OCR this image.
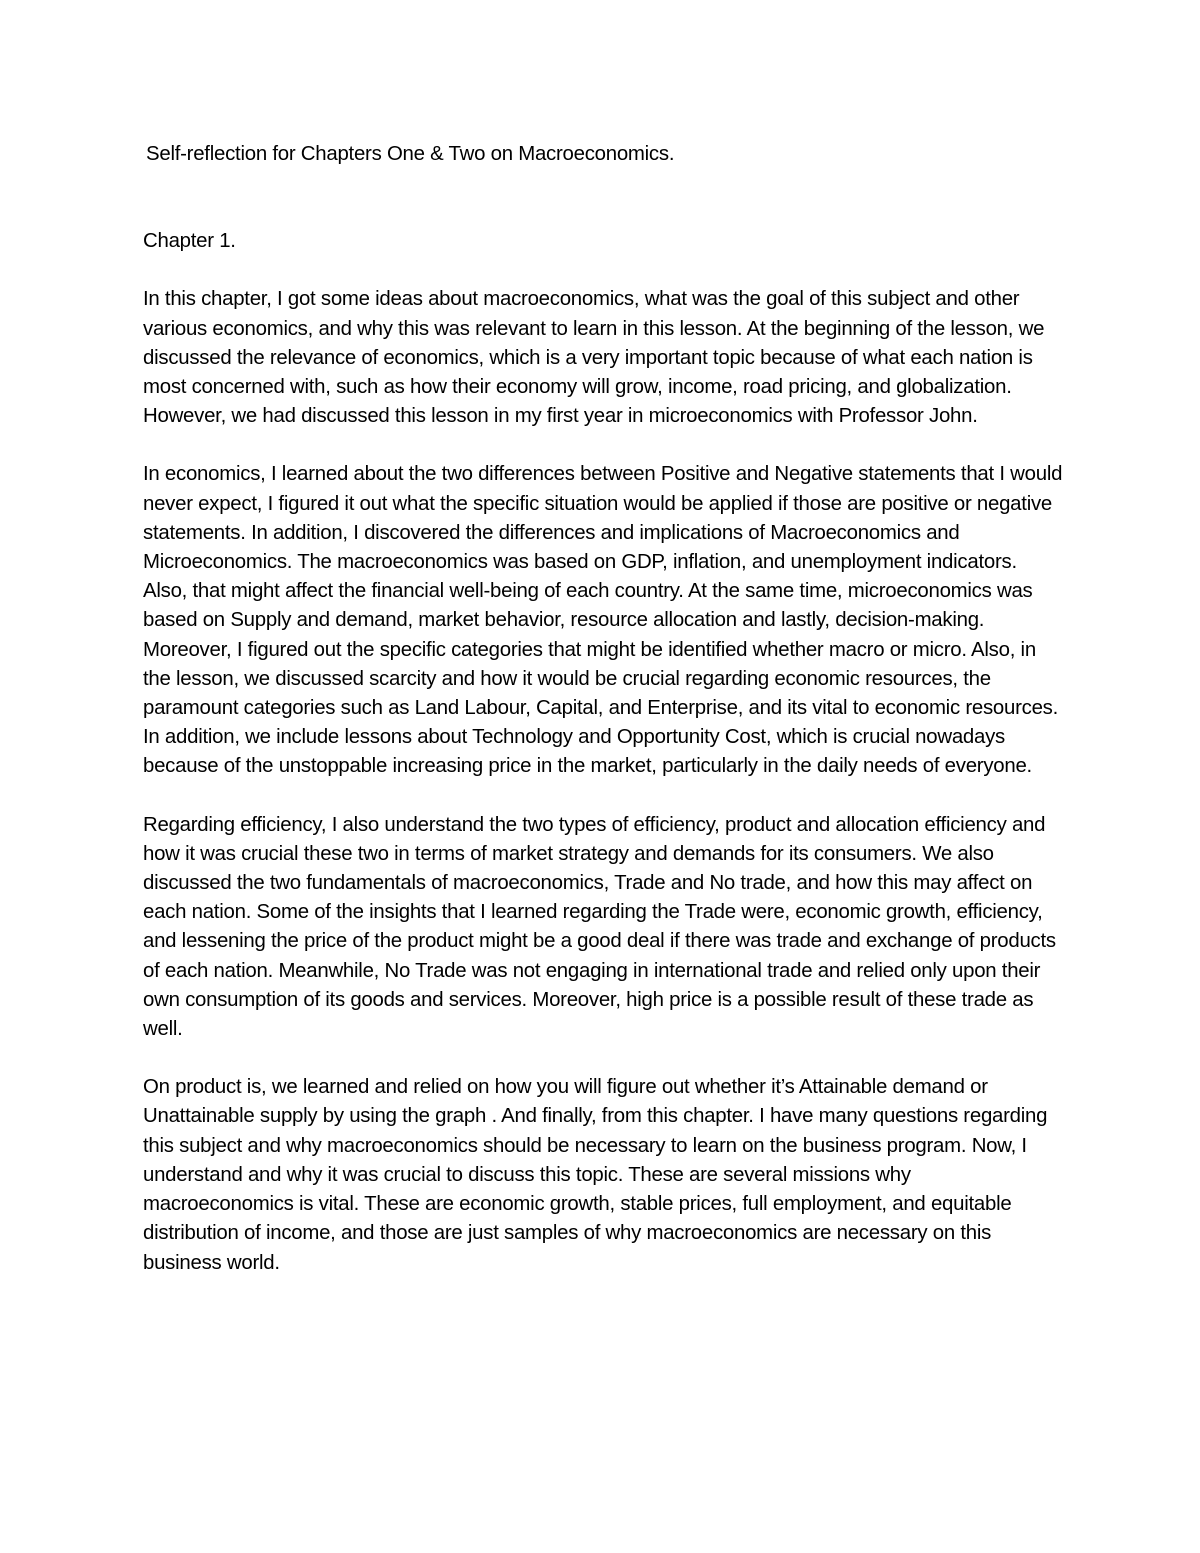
Self-reflection for Chapters One & Two on Macroeconomics.

Chapter 1.

In this chapter, I got some ideas about macroeconomics, what was the goal of this subject and other various economics, and why this was relevant to learn in this lesson. At the beginning of the lesson, we discussed the relevance of economics, which is a very important topic because of what each nation is most concerned with, such as how their economy will grow, income, road pricing, and globalization. However, we had discussed this lesson in my first year in microeconomics with Professor John.

In economics, I learned about the two differences between Positive and Negative statements that I would never expect, I figured it out what the specific situation would be applied if those are positive or negative statements. In addition, I discovered the differences and implications of Macroeconomics and Microeconomics. The macroeconomics was based on GDP, inflation, and unemployment indicators. Also, that might affect the financial well-being of each country. At the same time, microeconomics was based on Supply and demand, market behavior, resource allocation and lastly, decision-making. Moreover, I figured out the specific categories that might be identified whether macro or micro. Also, in the lesson, we discussed scarcity and how it would be crucial regarding economic resources, the paramount categories such as Land Labour, Capital, and Enterprise, and its vital to economic resources. In addition, we include lessons about Technology and Opportunity Cost, which is crucial nowadays because of the unstoppable increasing price in the market, particularly in the daily needs of everyone.

Regarding efficiency, I also understand the two types of efficiency, product and allocation efficiency and how it was crucial these two in terms of market strategy and demands for its consumers. We also discussed the two fundamentals of macroeconomics, Trade and No trade, and how this may affect on each nation. Some of the insights that I learned regarding the Trade were, economic growth, efficiency, and lessening the price of the product might be a good deal if there was trade and exchange of products of each nation. Meanwhile, No Trade was not engaging in international trade and relied only upon their own consumption of its goods and services. Moreover, high price is a possible result of these trade as well.

On product is, we learned and relied on how you will figure out whether it’s Attainable demand or Unattainable supply by using the graph . And finally, from this chapter. I have many questions regarding this subject and why macroeconomics should be necessary to learn on the business program. Now, I understand and why it was crucial to discuss this topic. These are several missions why macroeconomics is vital. These are economic growth, stable prices, full employment, and equitable distribution of income, and those are just samples of why macroeconomics are necessary on this business world.
